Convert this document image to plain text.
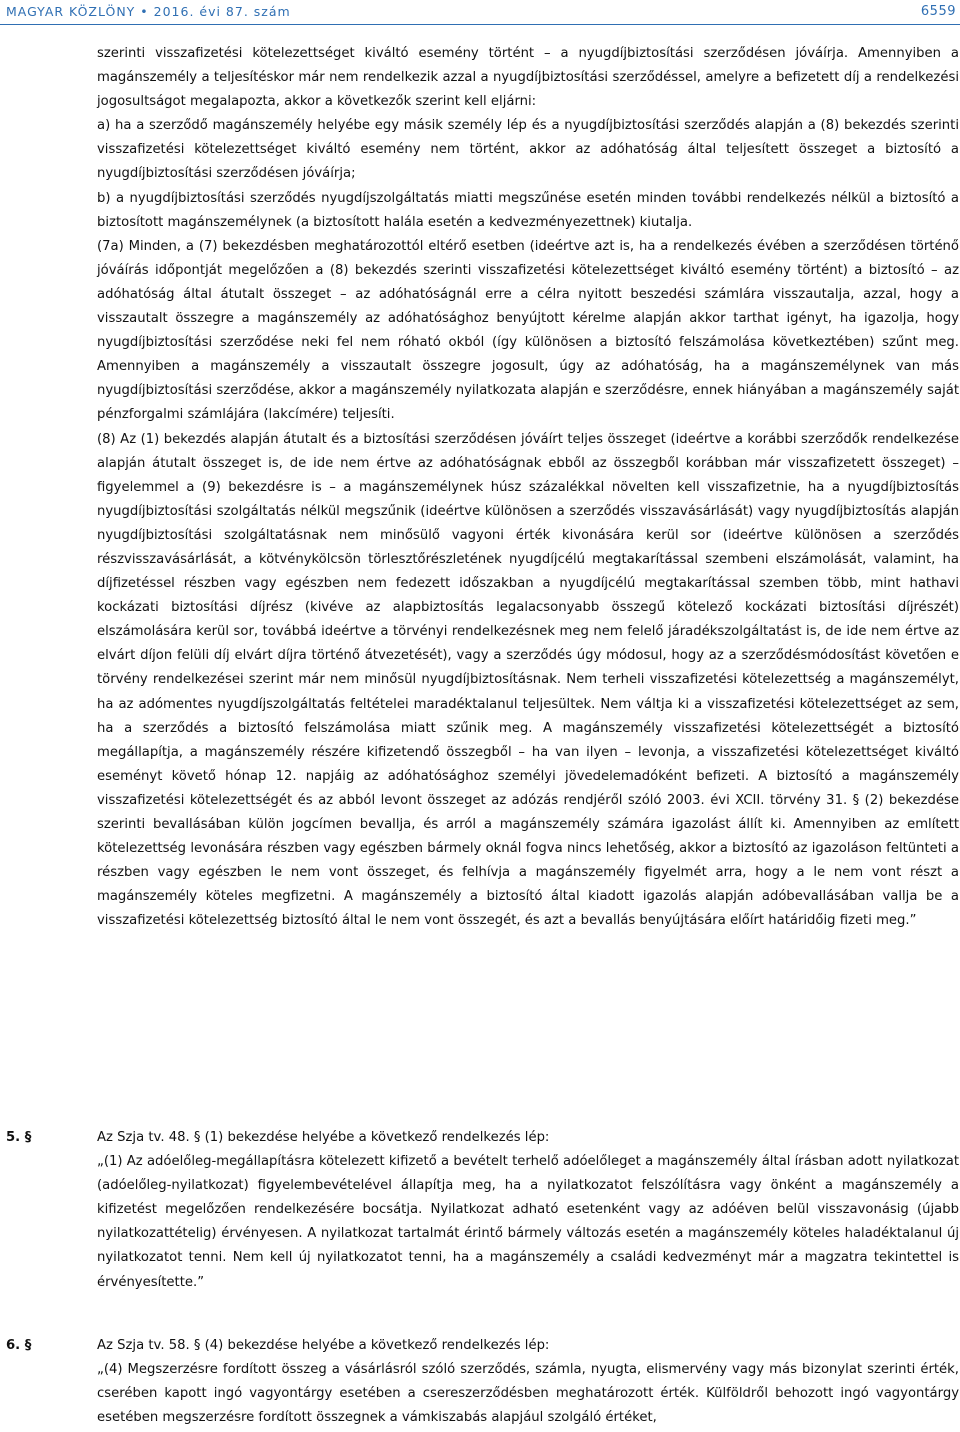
MAGYAR KÖZLÖNY • 2016. évi 87. szám	6559

szerinti visszafizetési kötelezettséget kiváltó esemény történt – a nyugdíjbiztosítási szerződésen jóváírja. Amennyiben a magánszemély a teljesítéskor már nem rendelkezik azzal a nyugdíjbiztosítási szerződéssel, amelyre a befizetett díj a rendelkezési jogosultságot megalapozta, akkor a következők szerint kell eljárni:

a) ha a szerződő magánszemély helyébe egy másik személy lép és a nyugdíjbiztosítási szerződés alapján a (8) bekezdés szerinti visszafizetési kötelezettséget kiváltó esemény nem történt, akkor az adóhatóság által teljesített összeget a biztosító a nyugdíjbiztosítási szerződésen jóváírja;

b) a nyugdíjbiztosítási szerződés nyugdíjszolgáltatás miatti megszűnése esetén minden további rendelkezés nélkül a biztosító a biztosított magánszemélynek (a biztosított halála esetén a kedvezményezettnek) kiutalja.

(7a) Minden, a (7) bekezdésben meghatározottól eltérő esetben (ideértve azt is, ha a rendelkezés évében a szerződésen történő jóváírás időpontját megelőzően a (8) bekezdés szerinti visszafizetési kötelezettséget kiváltó esemény történt) a biztosító – az adóhatóság által átutalt összeget – az adóhatóságnál erre a célra nyitott beszedési számlára visszautalja, azzal, hogy a visszautalt összegre a magánszemély az adóhatósághoz benyújtott kérelme alapján akkor tarthat igényt, ha igazolja, hogy nyugdíjbiztosítási szerződése neki fel nem róható okból (így különösen a biztosító felszámolása következtében) szűnt meg. Amennyiben a magánszemély a visszautalt összegre jogosult, úgy az adóhatóság, ha a magánszemélynek van más nyugdíjbiztosítási szerződése, akkor a magánszemély nyilatkozata alapján e szerződésre, ennek hiányában a magánszemély saját pénzforgalmi számlájára (lakcímére) teljesíti.

(8) Az (1) bekezdés alapján átutalt és a biztosítási szerződésen jóváírt teljes összeget (ideértve a korábbi szerződők rendelkezése alapján átutalt összeget is, de ide nem értve az adóhatóságnak ebből az összegből korábban már visszafizetett összeget) – figyelemmel a (9) bekezdésre is – a magánszemélynek húsz százalékkal növelten kell visszafizetnie, ha a nyugdíjbiztosítás nyugdíjbiztosítási szolgáltatás nélkül megszűnik (ideértve különösen a szerződés visszavásárlását) vagy nyugdíjbiztosítás alapján nyugdíjbiztosítási szolgáltatásnak nem minősülő vagyoni érték kivonására kerül sor (ideértve különösen a szerződés részvisszavásárlását, a kötvénykölcsön törlesztőrészletének nyugdíjcélú megtakarítással szembeni elszámolását, valamint, ha díjfizetéssel részben vagy egészben nem fedezett időszakban a nyugdíjcélú megtakarítással szemben több, mint hathavi kockázati biztosítási díjrész (kivéve az alapbiztosítás legalacsonyabb összegű kötelező kockázati biztosítási díjrészét) elszámolására kerül sor, továbbá ideértve a törvényi rendelkezésnek meg nem felelő járadékszolgáltatást is, de ide nem értve az elvárt díjon felüli díj elvárt díjra történő átvezetését), vagy a szerződés úgy módosul, hogy az a szerződésmódosítást követően e törvény rendelkezései szerint már nem minősül nyugdíjbiztosításnak. Nem terheli visszafizetési kötelezettség a magánszemélyt, ha az adómentes nyugdíjszolgáltatás feltételei maradéktalanul teljesültek. Nem váltja ki a visszafizetési kötelezettséget az sem, ha a szerződés a biztosító felszámolása miatt szűnik meg. A magánszemély visszafizetési kötelezettségét a biztosító megállapítja, a magánszemély részére kifizetendő összegből – ha van ilyen – levonja, a visszafizetési kötelezettséget kiváltó eseményt követő hónap 12. napjáig az adóhatósághoz személyi jövedelemadóként befizeti. A biztosító a magánszemély visszafizetési kötelezettségét és az abból levont összeget az adózás rendjéről szóló 2003. évi XCII. törvény 31. § (2) bekezdése szerinti bevallásában külön jogcímen bevallja, és arról a magánszemély számára igazolást állít ki. Amennyiben az említett kötelezettség levonására részben vagy egészben bármely oknál fogva nincs lehetőség, akkor a biztosító az igazoláson feltünteti a részben vagy egészben le nem vont összeget, és felhívja a magánszemély figyelmét arra, hogy a le nem vont részt a magánszemély köteles megfizetni. A magánszemély a biztosító által kiadott igazolás alapján adóbevallásában vallja be a visszafizetési kötelezettség biztosító által le nem vont összegét, és azt a bevallás benyújtására előírt határidőig fizeti meg.”

5. §	Az Szja tv. 48. § (1) bekezdése helyébe a következő rendelkezés lép:

„(1) Az adóelőleg-megállapításra kötelezett kifizető a bevételt terhelő adóelőleget a magánszemély által írásban adott nyilatkozat (adóelőleg-nyilatkozat) figyelembevételével állapítja meg, ha a nyilatkozatot felszólításra vagy önként a magánszemély a kifizetést megelőzően rendelkezésére bocsátja. Nyilatkozat adható esetenként vagy az adóéven belül visszavonásig (újabb nyilatkozattételig) érvényesen. A nyilatkozat tartalmát érintő bármely változás esetén a magánszemély köteles haladéktalanul új nyilatkozatot tenni. Nem kell új nyilatkozatot tenni, ha a magánszemély a családi kedvezményt már a magzatra tekintettel is érvényesítette.”

6. §	Az Szja tv. 58. § (4) bekezdése helyébe a következő rendelkezés lép:

„(4) Megszerzésre fordított összeg a vásárlásról szóló szerződés, számla, nyugta, elismervény vagy más bizonylat szerinti érték, cserében kapott ingó vagyontárgy esetében a csereszerződésben meghatározott érték. Külföldről behozott ingó vagyontárgy esetében megszerzésre fordított összegnek a vámkiszabás alapjául szolgáló értéket,
